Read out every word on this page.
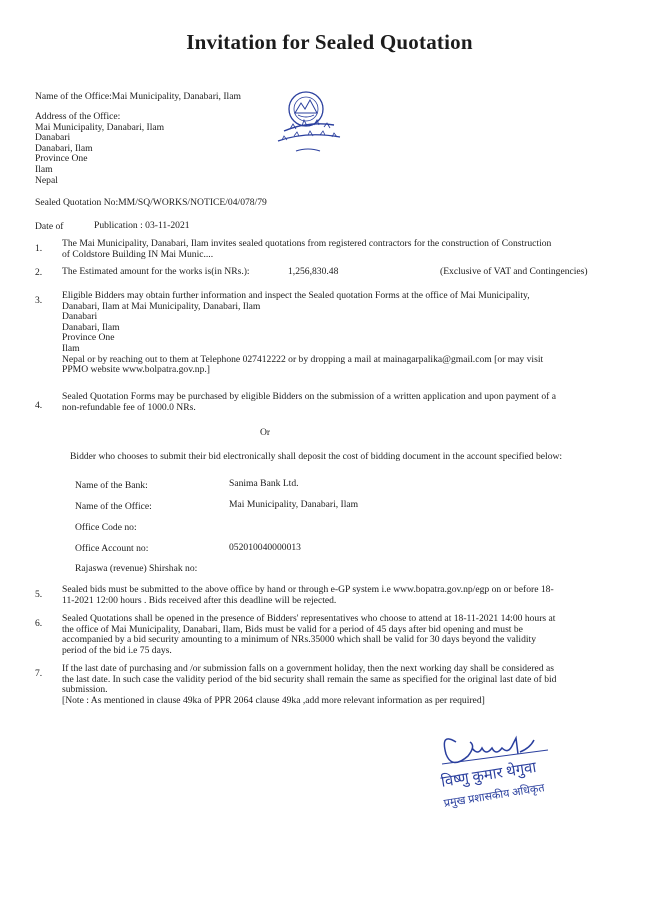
Invitation for Sealed Quotation
Name of the Office:Mai Municipality, Danabari, Ilam
Address of the Office:
Mai Municipality, Danabari, Ilam
Danabari
Danabari, Ilam
Province One
Ilam
Nepal
Sealed Quotation No:MM/SQ/WORKS/NOTICE/04/078/79
Date of	Publication : 03-11-2021
1. The Mai Municipality, Danabari, Ilam invites sealed quotations from registered contractors for the construction of Construction
of Coldstore Building IN Mai Munic....
2. The Estimated amount for the works is(in NRs.):	1,256,830.48	(Exclusive of VAT and Contingencies)
3. Eligible Bidders may obtain further information and inspect the Sealed quotation Forms at the office of Mai Municipality,
Danabari, Ilam at Mai Municipality, Danabari, Ilam
Danabari
Danabari, Ilam
Province One
Ilam
Nepal or by reaching out to them at Telephone 027412222 or by dropping a mail at mainagarpalika@gmail.com [or may visit
PPMO website www.bolpatra.gov.np.]
4.
Sealed Quotation Forms may be purchased by eligible Bidders on the submission of a written application and upon payment of a
non-refundable fee of 1000.0 NRs.
Or
Bidder who chooses to submit their bid electronically shall deposit the cost of bidding document in the account specified below:
Name of the Bank:	Sanima Bank Ltd.
Name of the Office:	Mai Municipality, Danabari, Ilam
Office Code no:
Office Account no:	052010040000013
Rajaswa (revenue) Shirshak no:
5. Sealed bids must be submitted to the above office by hand or through e-GP system i.e www.bopatra.gov.np/egp on or before 18-
11-2021 12:00 hours . Bids received after this deadline will be rejected.
6. Sealed Quotations shall be opened in the presence of Bidders' representatives who choose to attend at 18-11-2021 14:00 hours at
the office of Mai Municipality, Danabari, Ilam, Bids must be valid for a period of 45 days after bid opening and must be
accompanied by a bid security amounting to a minimum of NRs.35000 which shall be valid for 30 days beyond the validity
period of the bid i.e 75 days.
7. If the last date of purchasing and /or submission falls on a government holiday, then the next working day shall be considered as
the last date. In such case the validity period of the bid security shall remain the same as specified for the original last date of bid
submission.
[Note : As mentioned in clause 49ka of PPR 2064 clause 49ka ,add more relevant information as per required]
विष्णु कुमार थेगुवा
प्रमुख प्रशासकीय अधिकृत
